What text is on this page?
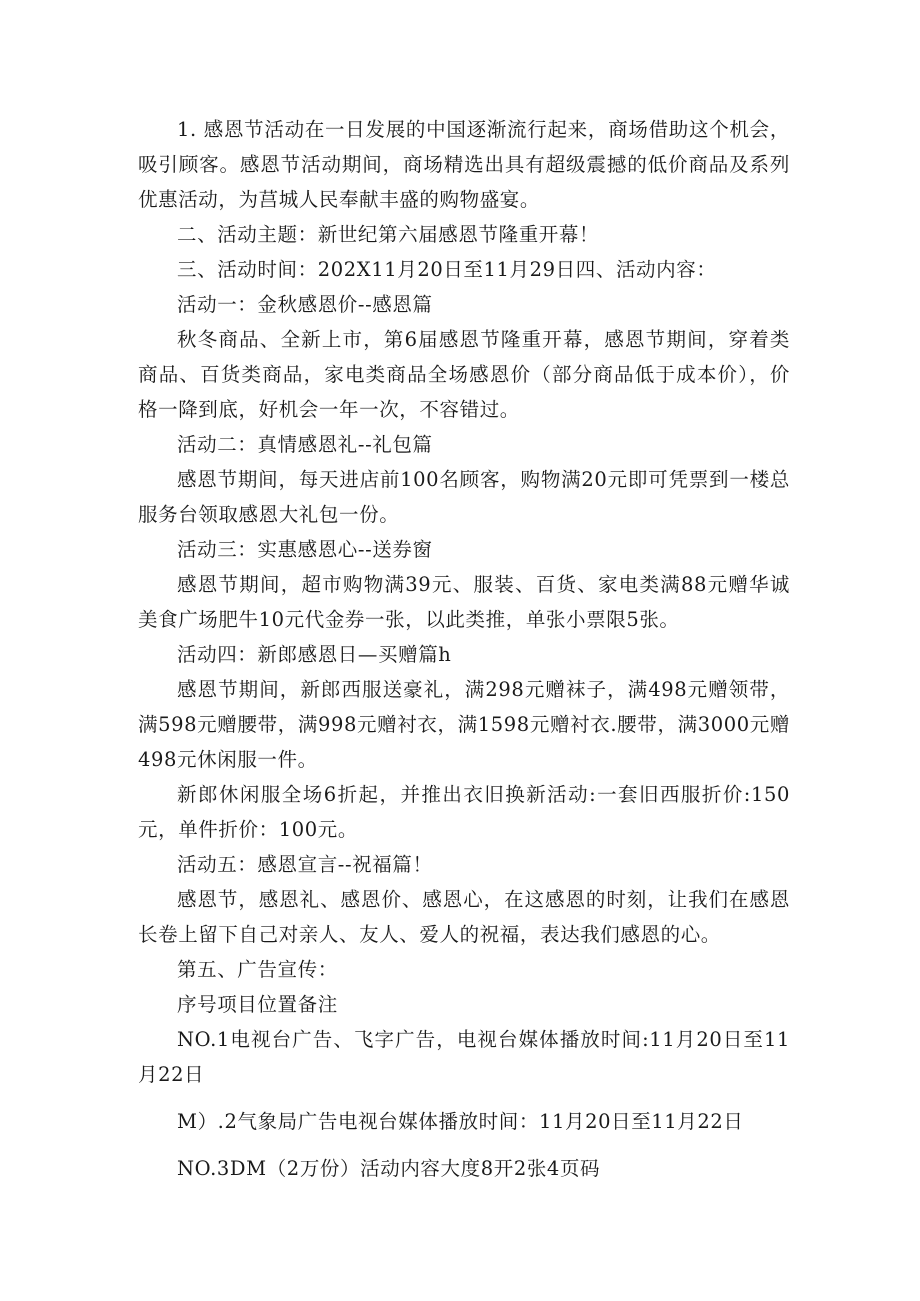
1. 感恩节活动在一日发展的中国逐渐流行起来，商场借助这个机会，吸引顾客。感恩节活动期间，商场精选出具有超级震撼的低价商品及系列优惠活动，为莒城人民奉献丰盛的购物盛宴。

二、活动主题：新世纪第六届感恩节隆重开幕！

三、活动时间：202X11月20日至11月29日四、活动内容：

活动一：金秋感恩价--感恩篇

秋冬商品、全新上市，第6届感恩节隆重开幕，感恩节期间，穿着类商品、百货类商品，家电类商品全场感恩价（部分商品低于成本价），价格一降到底，好机会一年一次，不容错过。

活动二：真情感恩礼--礼包篇

感恩节期间，每天进店前100名顾客，购物满20元即可凭票到一楼总服务台领取感恩大礼包一份。

活动三：实惠感恩心--送券窗

感恩节期间，超市购物满39元、服装、百货、家电类满88元赠华诚美食广场肥牛10元代金券一张，以此类推，单张小票限5张。

活动四：新郎感恩日—买赠篇h

感恩节期间，新郎西服送豪礼，满298元赠袜子，满498元赠领带，满598元赠腰带，满998元赠衬衣，满1598元赠衬衣.腰带，满3000元赠498元休闲服一件。

新郎休闲服全场6折起，并推出衣旧换新活动:一套旧西服折价:150元，单件折价：100元。

活动五：感恩宣言--祝福篇！

感恩节，感恩礼、感恩价、感恩心，在这感恩的时刻，让我们在感恩长卷上留下自己对亲人、友人、爱人的祝福，表达我们感恩的心。

第五、广告宣传：

序号项目位置备注

NO.1电视台广告、飞字广告，电视台媒体播放时间:11月20日至11月22日

M）.2气象局广告电视台媒体播放时间：11月20日至11月22日

NO.3DM（2万份）活动内容大度8开2张4页码
